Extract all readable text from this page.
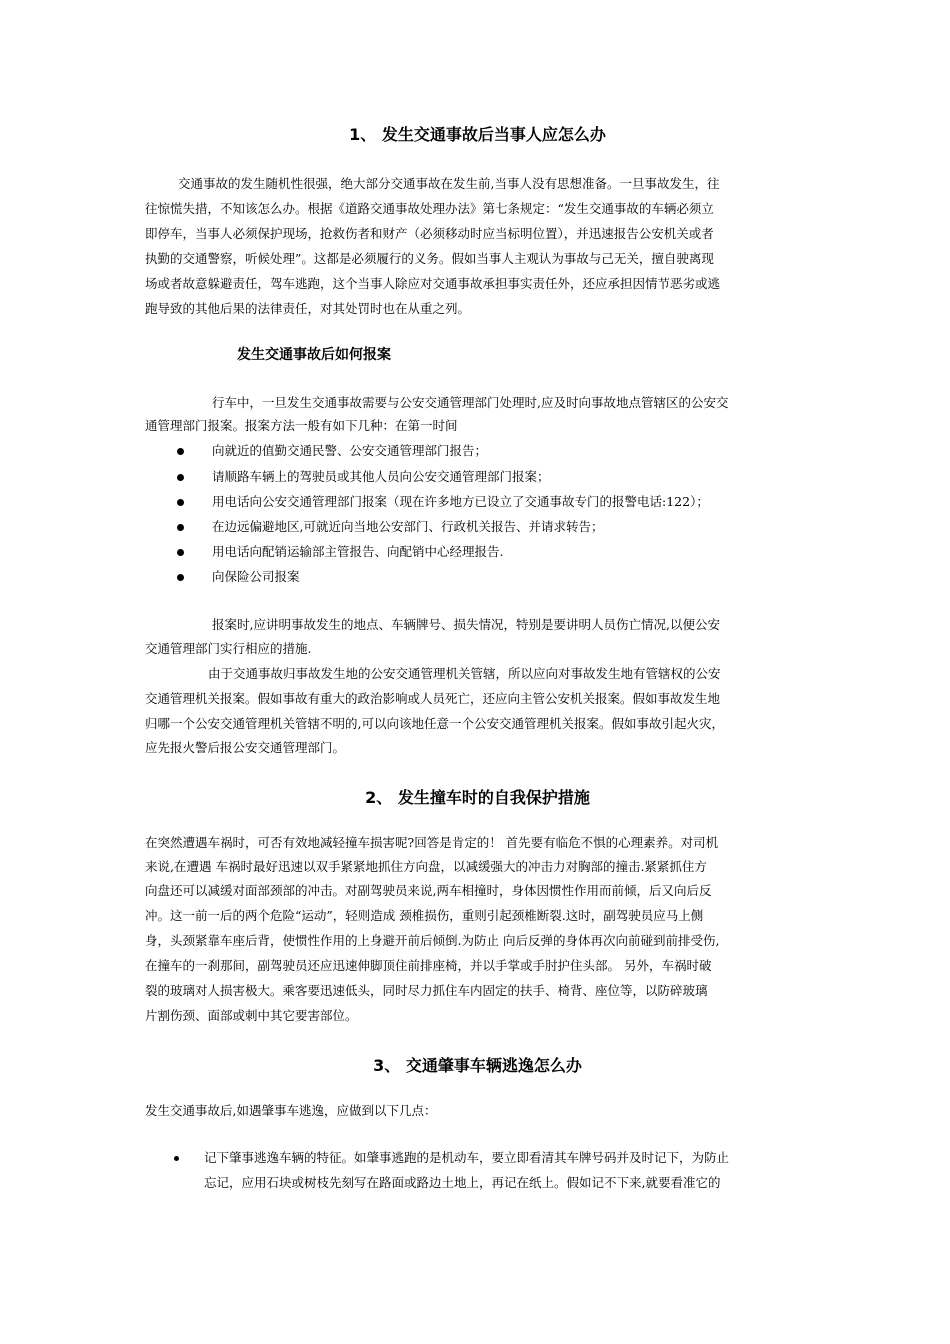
1、 发生交通事故后当事人应怎么办
交通事故的发生随机性很强，绝大部分交通事故在发生前,当事人没有思想准备。一旦事故发生，往
往惊慌失措，不知该怎么办。根据《道路交通事故处理办法》第七条规定：“发生交通事故的车辆必须立
即停车，当事人必须保护现场，抢救伤者和财产（必须移动时应当标明位置），并迅速报告公安机关或者
执勤的交通警察，听候处理”。这都是必须履行的义务。假如当事人主观认为事故与己无关，擅自驶离现
场或者故意躲避责任，驾车逃跑，这个当事人除应对交通事故承担事实责任外，还应承担因情节恶劣或逃
跑导致的其他后果的法律责任，对其处罚时也在从重之列。
发生交通事故后如何报案
行车中，一旦发生交通事故需要与公安交通管理部门处理时,应及时向事故地点管辖区的公安交
通管理部门报案。报案方法一般有如下几种：在第一时间
向就近的值勤交通民警、公安交通管理部门报告；
请顺路车辆上的驾驶员或其他人员向公安交通管理部门报案；
用电话向公安交通管理部门报案（现在许多地方已设立了交通事故专门的报警电话:122）；
在边远偏避地区,可就近向当地公安部门、行政机关报告、并请求转告；
用电话向配销运输部主管报告、向配销中心经理报告.
向保险公司报案
报案时,应讲明事故发生的地点、车辆牌号、损失情况，特别是要讲明人员伤亡情况,以便公安
交通管理部门实行相应的措施.
由于交通事故归事故发生地的公安交通管理机关管辖，所以应向对事故发生地有管辖权的公安
交通管理机关报案。假如事故有重大的政治影响或人员死亡，还应向主管公安机关报案。假如事故发生地
归哪一个公安交通管理机关管辖不明的,可以向该地任意一个公安交通管理机关报案。假如事故引起火灾，
应先报火警后报公安交通管理部门。
2、 发生撞车时的自我保护措施
在突然遭遇车祸时，可否有效地减轻撞车损害呢?回答是肯定的！ 首先要有临危不惧的心理素养。对司机
来说,在遭遇 车祸时最好迅速以双手紧紧地抓住方向盘，以减缓强大的冲击力对胸部的撞击.紧紧抓住方
向盘还可以减缓对面部颈部的冲击。对副驾驶员来说,两车相撞时，身体因惯性作用而前倾，后又向后反
冲。这一前一后的两个危险“运动”，轻则造成 颈椎损伤，重则引起颈椎断裂.这时，副驾驶员应马上侧
身，头颈紧靠车座后背，使惯性作用的上身避开前后倾倒.为防止 向后反弹的身体再次向前碰到前排受伤,
在撞车的一刹那间，副驾驶员还应迅速伸脚顶住前排座椅，并以手掌或手肘护住头部。 另外，车祸时破
裂的玻璃对人损害极大。乘客要迅速低头，同时尽力抓住车内固定的扶手、椅背、座位等，以防碎玻璃
片割伤颈、面部或刺中其它要害部位。
3、 交通肇事车辆逃逸怎么办
发生交通事故后,如遇肇事车逃逸，应做到以下几点：
记下肇事逃逸车辆的特征。如肇事逃跑的是机动车，要立即看清其车牌号码并及时记下，为防止
忘记，应用石块或树枝先刻写在路面或路边土地上，再记在纸上。假如记不下来,就要看准它的
